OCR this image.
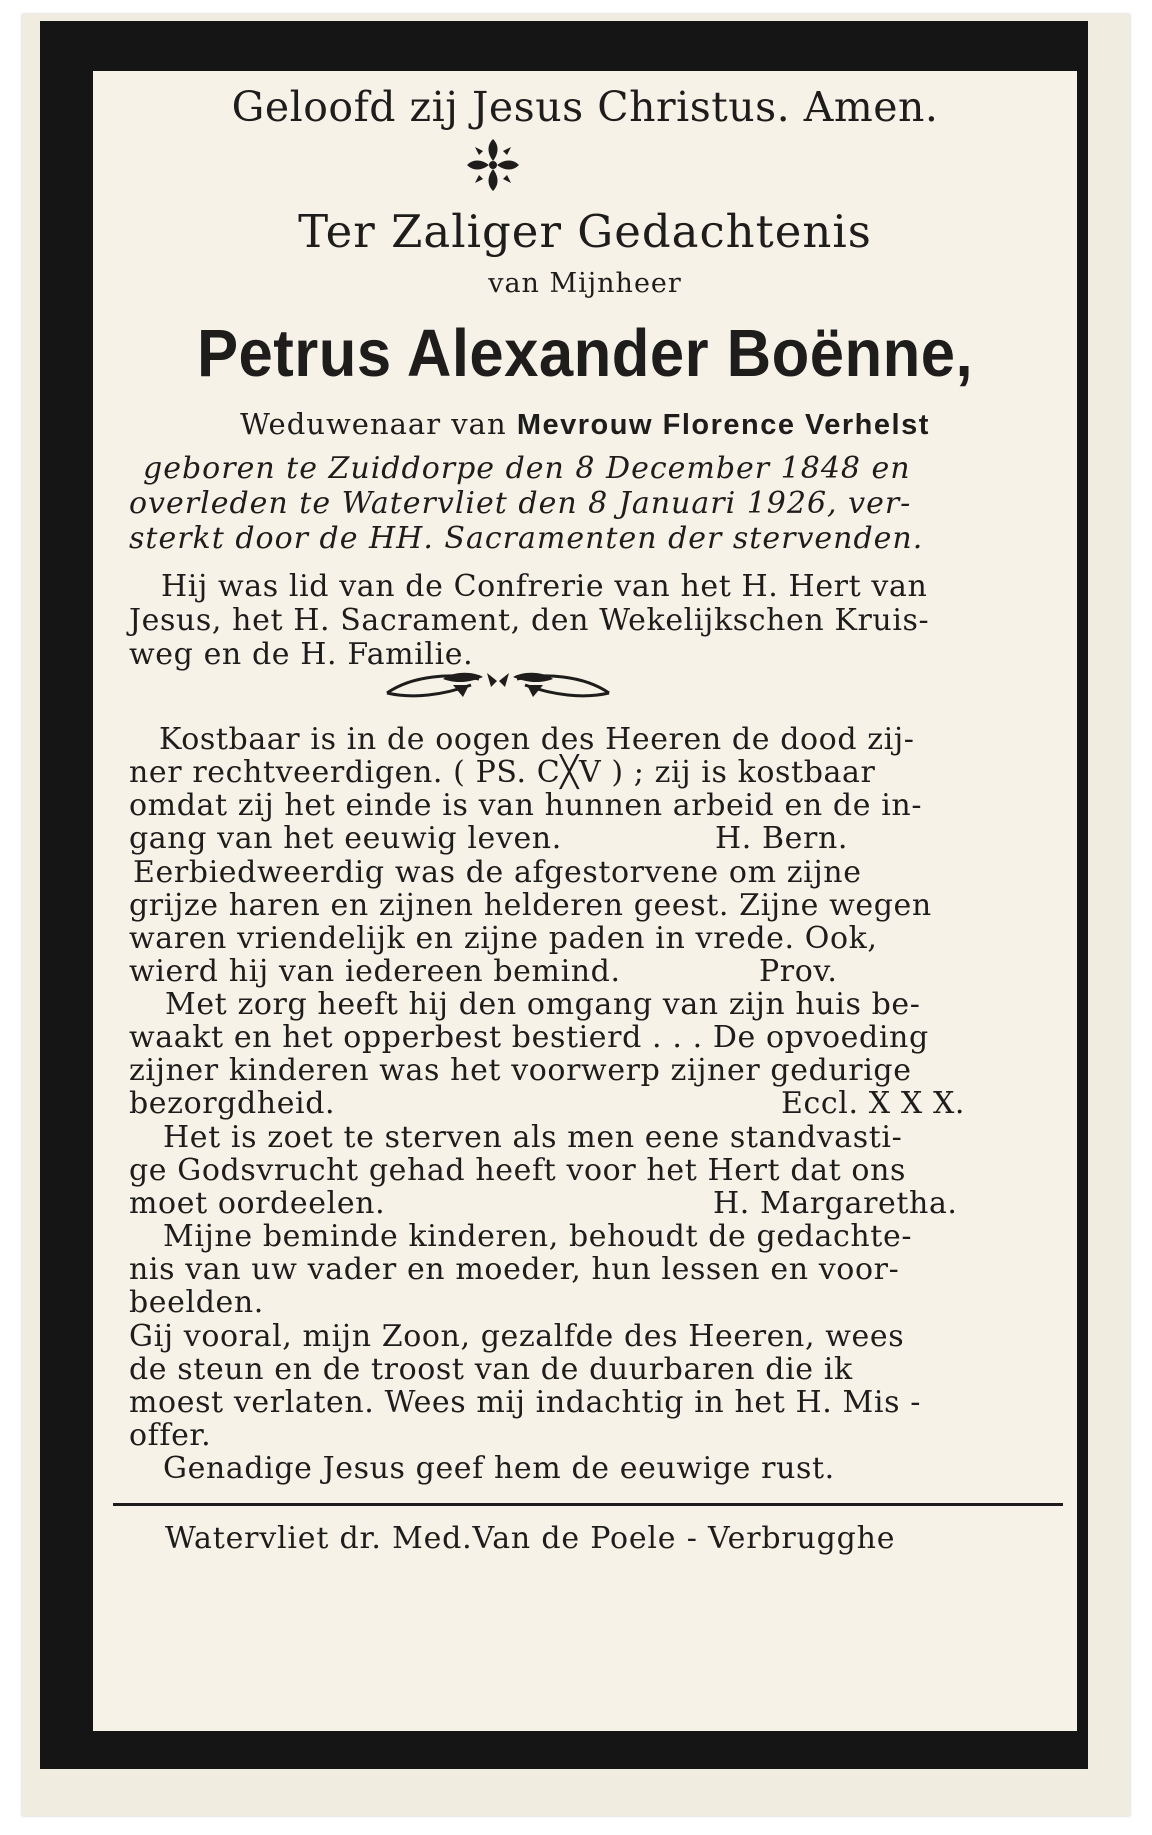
Geloofd zij Jesus Christus. Amen.
Ter Zaliger Gedachtenis
van Mijnheer
Petrus Alexander Boënne,
Weduwenaar van Mevrouw Florence Verhelst
geboren te Zuiddorpe den 8 December 1848 en
overleden te Watervliet den 8 Januari 1926, ver-
sterkt door de HH. Sacramenten der stervenden.
Hij was lid van de Confrerie van het H. Hert van
Jesus, het H. Sacrament, den Wekelijkschen Kruis-
weg en de H. Familie.
Kostbaar is in de oogen des Heeren de dood zij-
ner rechtveerdigen. ( PS. C╳V ) ; zij is kostbaar
omdat zij het einde is van hunnen arbeid en de in-
gang van het eeuwig leven.	H. Bern.
Eerbiedweerdig was de afgestorvene om zijne
grijze haren en zijnen helderen geest. Zijne wegen
waren vriendelijk en zijne paden in vrede. Ook,
wierd hij van iedereen bemind.	Prov.
Met zorg heeft hij den omgang van zijn huis be-
waakt en het opperbest bestierd . . . De opvoeding
zijner kinderen was het voorwerp zijner gedurige
bezorgdheid.	Eccl. X X X.
Het is zoet te sterven als men eene standvasti-
ge Godsvrucht gehad heeft voor het Hert dat ons
moet oordeelen.	H. Margaretha.
Mijne beminde kinderen, behoudt de gedachte-
nis van uw vader en moeder, hun lessen en voor-
beelden.
Gij vooral, mijn Zoon, gezalfde des Heeren, wees
de steun en de troost van de duurbaren die ik
moest verlaten. Wees mij indachtig in het H. Mis -
offer.
Genadige Jesus geef hem de eeuwige rust.
Watervliet dr. Med.Van de Poele - Verbrugghe
